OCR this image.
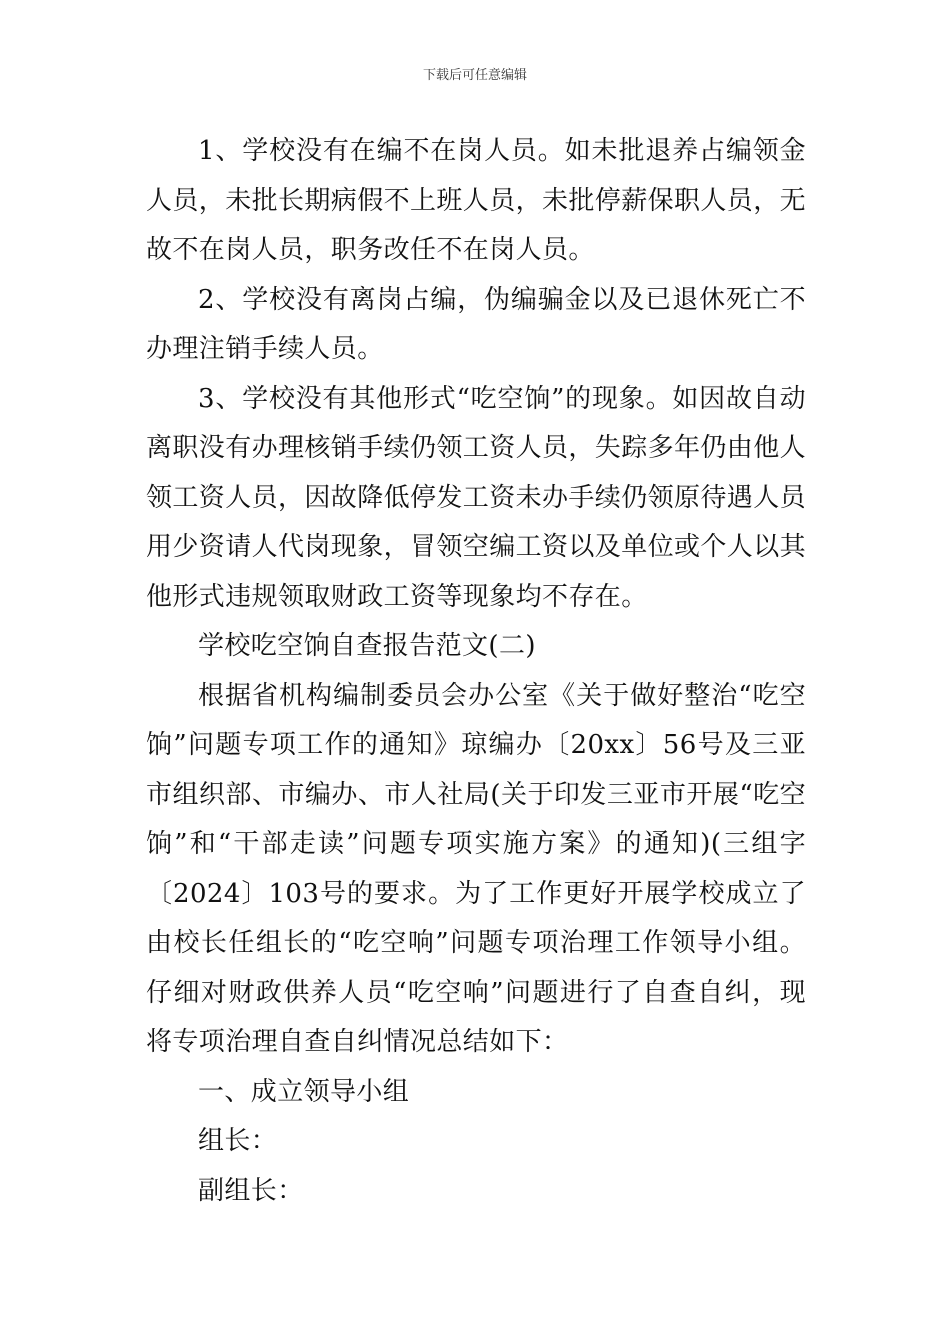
下载后可任意编辑

1、学校没有在编不在岗人员。如未批退养占编领金人员，未批长期病假不上班人员，未批停薪保职人员，无故不在岗人员，职务改任不在岗人员。

2、学校没有离岗占编，伪编骗金以及已退休死亡不办理注销手续人员。

3、学校没有其他形式“吃空饷”的现象。如因故自动离职没有办理核销手续仍领工资人员，失踪多年仍由他人领工资人员，因故降低停发工资未办手续仍领原待遇人员用少资请人代岗现象，冒领空编工资以及单位或个人以其他形式违规领取财政工资等现象均不存在。

学校吃空饷自查报告范文(二)

根据省机构编制委员会办公室《关于做好整治“吃空饷”问题专项工作的通知》琼编办〔20xx〕56号及三亚市组织部、市编办、市人社局(关于印发三亚市开展“吃空饷”和“干部走读”问题专项实施方案》的通知)(三组字〔2024〕103号的要求。为了工作更好开展学校成立了由校长任组长的“吃空响”问题专项治理工作领导小组。仔细对财政供养人员“吃空响”问题进行了自查自纠，现将专项治理自查自纠情况总结如下：

一、成立领导小组

组长：

副组长：
